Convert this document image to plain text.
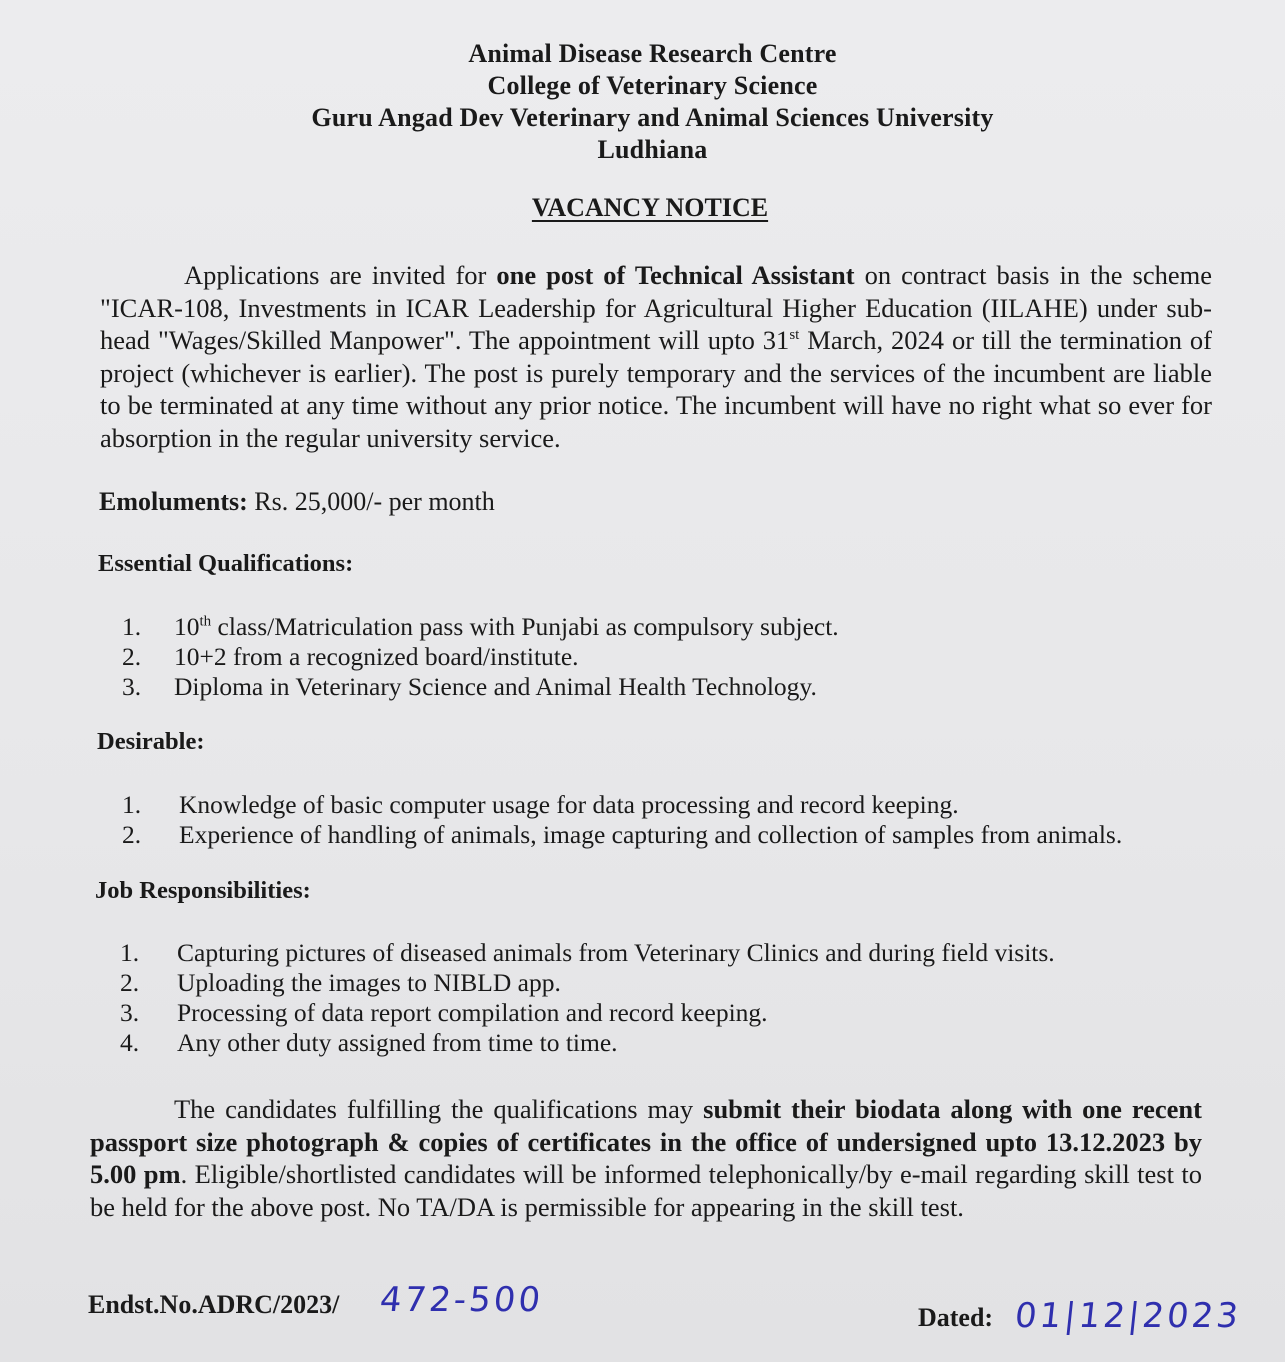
Animal Disease Research Centre
College of Veterinary Science
Guru Angad Dev Veterinary and Animal Sciences University
Ludhiana
VACANCY NOTICE

Applications are invited for one post of Technical Assistant on contract basis in the scheme "ICAR-108, Investments in ICAR Leadership for Agricultural Higher Education (IILAHE) under sub-head "Wages/Skilled Manpower". The appointment will upto 31st March, 2024 or till the termination of project (whichever is earlier). The post is purely temporary and the services of the incumbent are liable to be terminated at any time without any prior notice. The incumbent will have no right what so ever for absorption in the regular university service.

Emoluments: Rs. 25,000/- per month
Essential Qualifications:
1.	10th class/Matriculation pass with Punjabi as compulsory subject.
2.	10+2 from a recognized board/institute.
3.	Diploma in Veterinary Science and Animal Health Technology.
Desirable:
1.	Knowledge of basic computer usage for data processing and record keeping.
2.	Experience of handling of animals, image capturing and collection of samples from animals.
Job Responsibilities:
1.	Capturing pictures of diseased animals from Veterinary Clinics and during field visits.
2.	Uploading the images to NIBLD app.
3.	Processing of data report compilation and record keeping.
4.	Any other duty assigned from time to time.

The candidates fulfilling the qualifications may submit their biodata along with one recent passport size photograph & copies of certificates in the office of undersigned upto 13.12.2023 by 5.00 pm. Eligible/shortlisted candidates will be informed telephonically/by e-mail regarding skill test to be held for the above post. No TA/DA is permissible for appearing in the skill test.

Endst.No.ADRC/2023/ 472-500	Dated: 01|12|2023
